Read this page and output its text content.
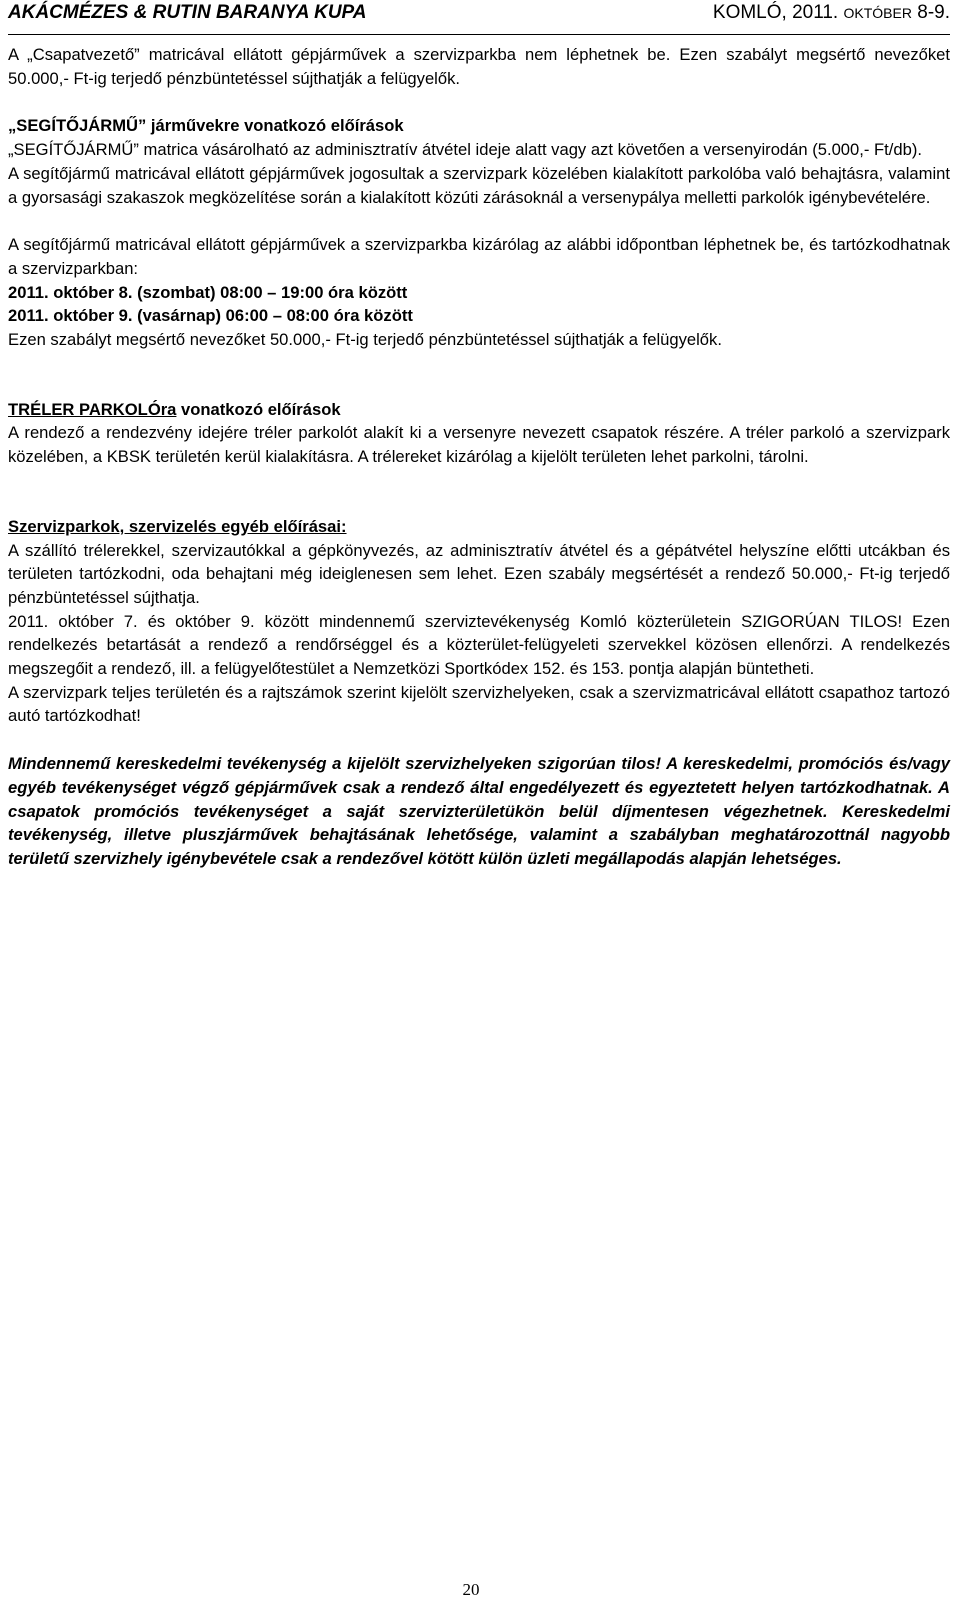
AKÁCMÉZES & RUTIN BARANYA KUPA	KOMLÓ, 2011. OKTÓBER 8-9.

A „Csapatvezető” matricával ellátott gépjárművek a szervizparkba nem léphetnek be. Ezen szabályt megsértő nevezőket 50.000,- Ft-ig terjedő pénzbüntetéssel sújthatják a felügyelők.

„SEGÍTŐJÁRMŰ” járművekre vonatkozó előírások

„SEGÍTŐJÁRMŰ” matrica vásárolható az adminisztratív átvétel ideje alatt vagy azt követően a versenyirodán (5.000,- Ft/db).

A segítőjármű matricával ellátott gépjárművek jogosultak a szervizpark közelében kialakított parkolóba való behajtásra, valamint a gyorsasági szakaszok megközelítése során a kialakított közúti zárásoknál a versenypálya melletti parkolók igénybevételére.

A segítőjármű matricával ellátott gépjárművek a szervizparkba kizárólag az alábbi időpontban léphetnek be, és tartózkodhatnak a szervizparkban:

2011. október 8. (szombat) 08:00 – 19:00 óra között

2011. október 9. (vasárnap) 06:00 – 08:00 óra között

Ezen szabályt megsértő nevezőket 50.000,- Ft-ig terjedő pénzbüntetéssel sújthatják a felügyelők.

TRÉLER PARKOLÓra vonatkozó előírások

A rendező a rendezvény idejére tréler parkolót alakít ki a versenyre nevezett csapatok részére. A tréler parkoló a szervizpark közelében, a KBSK területén kerül kialakításra. A trélereket kizárólag a kijelölt területen lehet parkolni, tárolni.

Szervizparkok, szervizelés egyéb előírásai:

A szállító trélerekkel, szervizautókkal a gépkönyvezés, az adminisztratív átvétel és a gépátvétel helyszíne előtti utcákban és területen tartózkodni, oda behajtani még ideiglenesen sem lehet. Ezen szabály megsértését a rendező 50.000,- Ft-ig terjedő pénzbüntetéssel sújthatja.

2011. október 7. és október 9. között mindennemű szerviztevékenység Komló közterületein SZIGORÚAN TILOS! Ezen rendelkezés betartását a rendező a rendőrséggel és a közterület-felügyeleti szervekkel közösen ellenőrzi. A rendelkezés megszegőit a rendező, ill. a felügyelőtestület a Nemzetközi Sportkódex 152. és 153. pontja alapján büntetheti.

A szervizpark teljes területén és a rajtszámok szerint kijelölt szervizhelyeken, csak a szervizmatricával ellátott csapathoz tartozó autó tartózkodhat!

Mindennemű kereskedelmi tevékenység a kijelölt szervizhelyeken szigorúan tilos! A kereskedelmi, promóciós és/vagy egyéb tevékenységet végző gépjárművek csak a rendező által engedélyezett és egyeztetett helyen tartózkodhatnak. A csapatok promóciós tevékenységet a saját szervizterületükön belül díjmentesen végezhetnek. Kereskedelmi tevékenység, illetve pluszjárművek behajtásának lehetősége, valamint a szabályban meghatározottnál nagyobb területű szervizhely igénybevétele csak a rendezővel kötött külön üzleti megállapodás alapján lehetséges.

20
